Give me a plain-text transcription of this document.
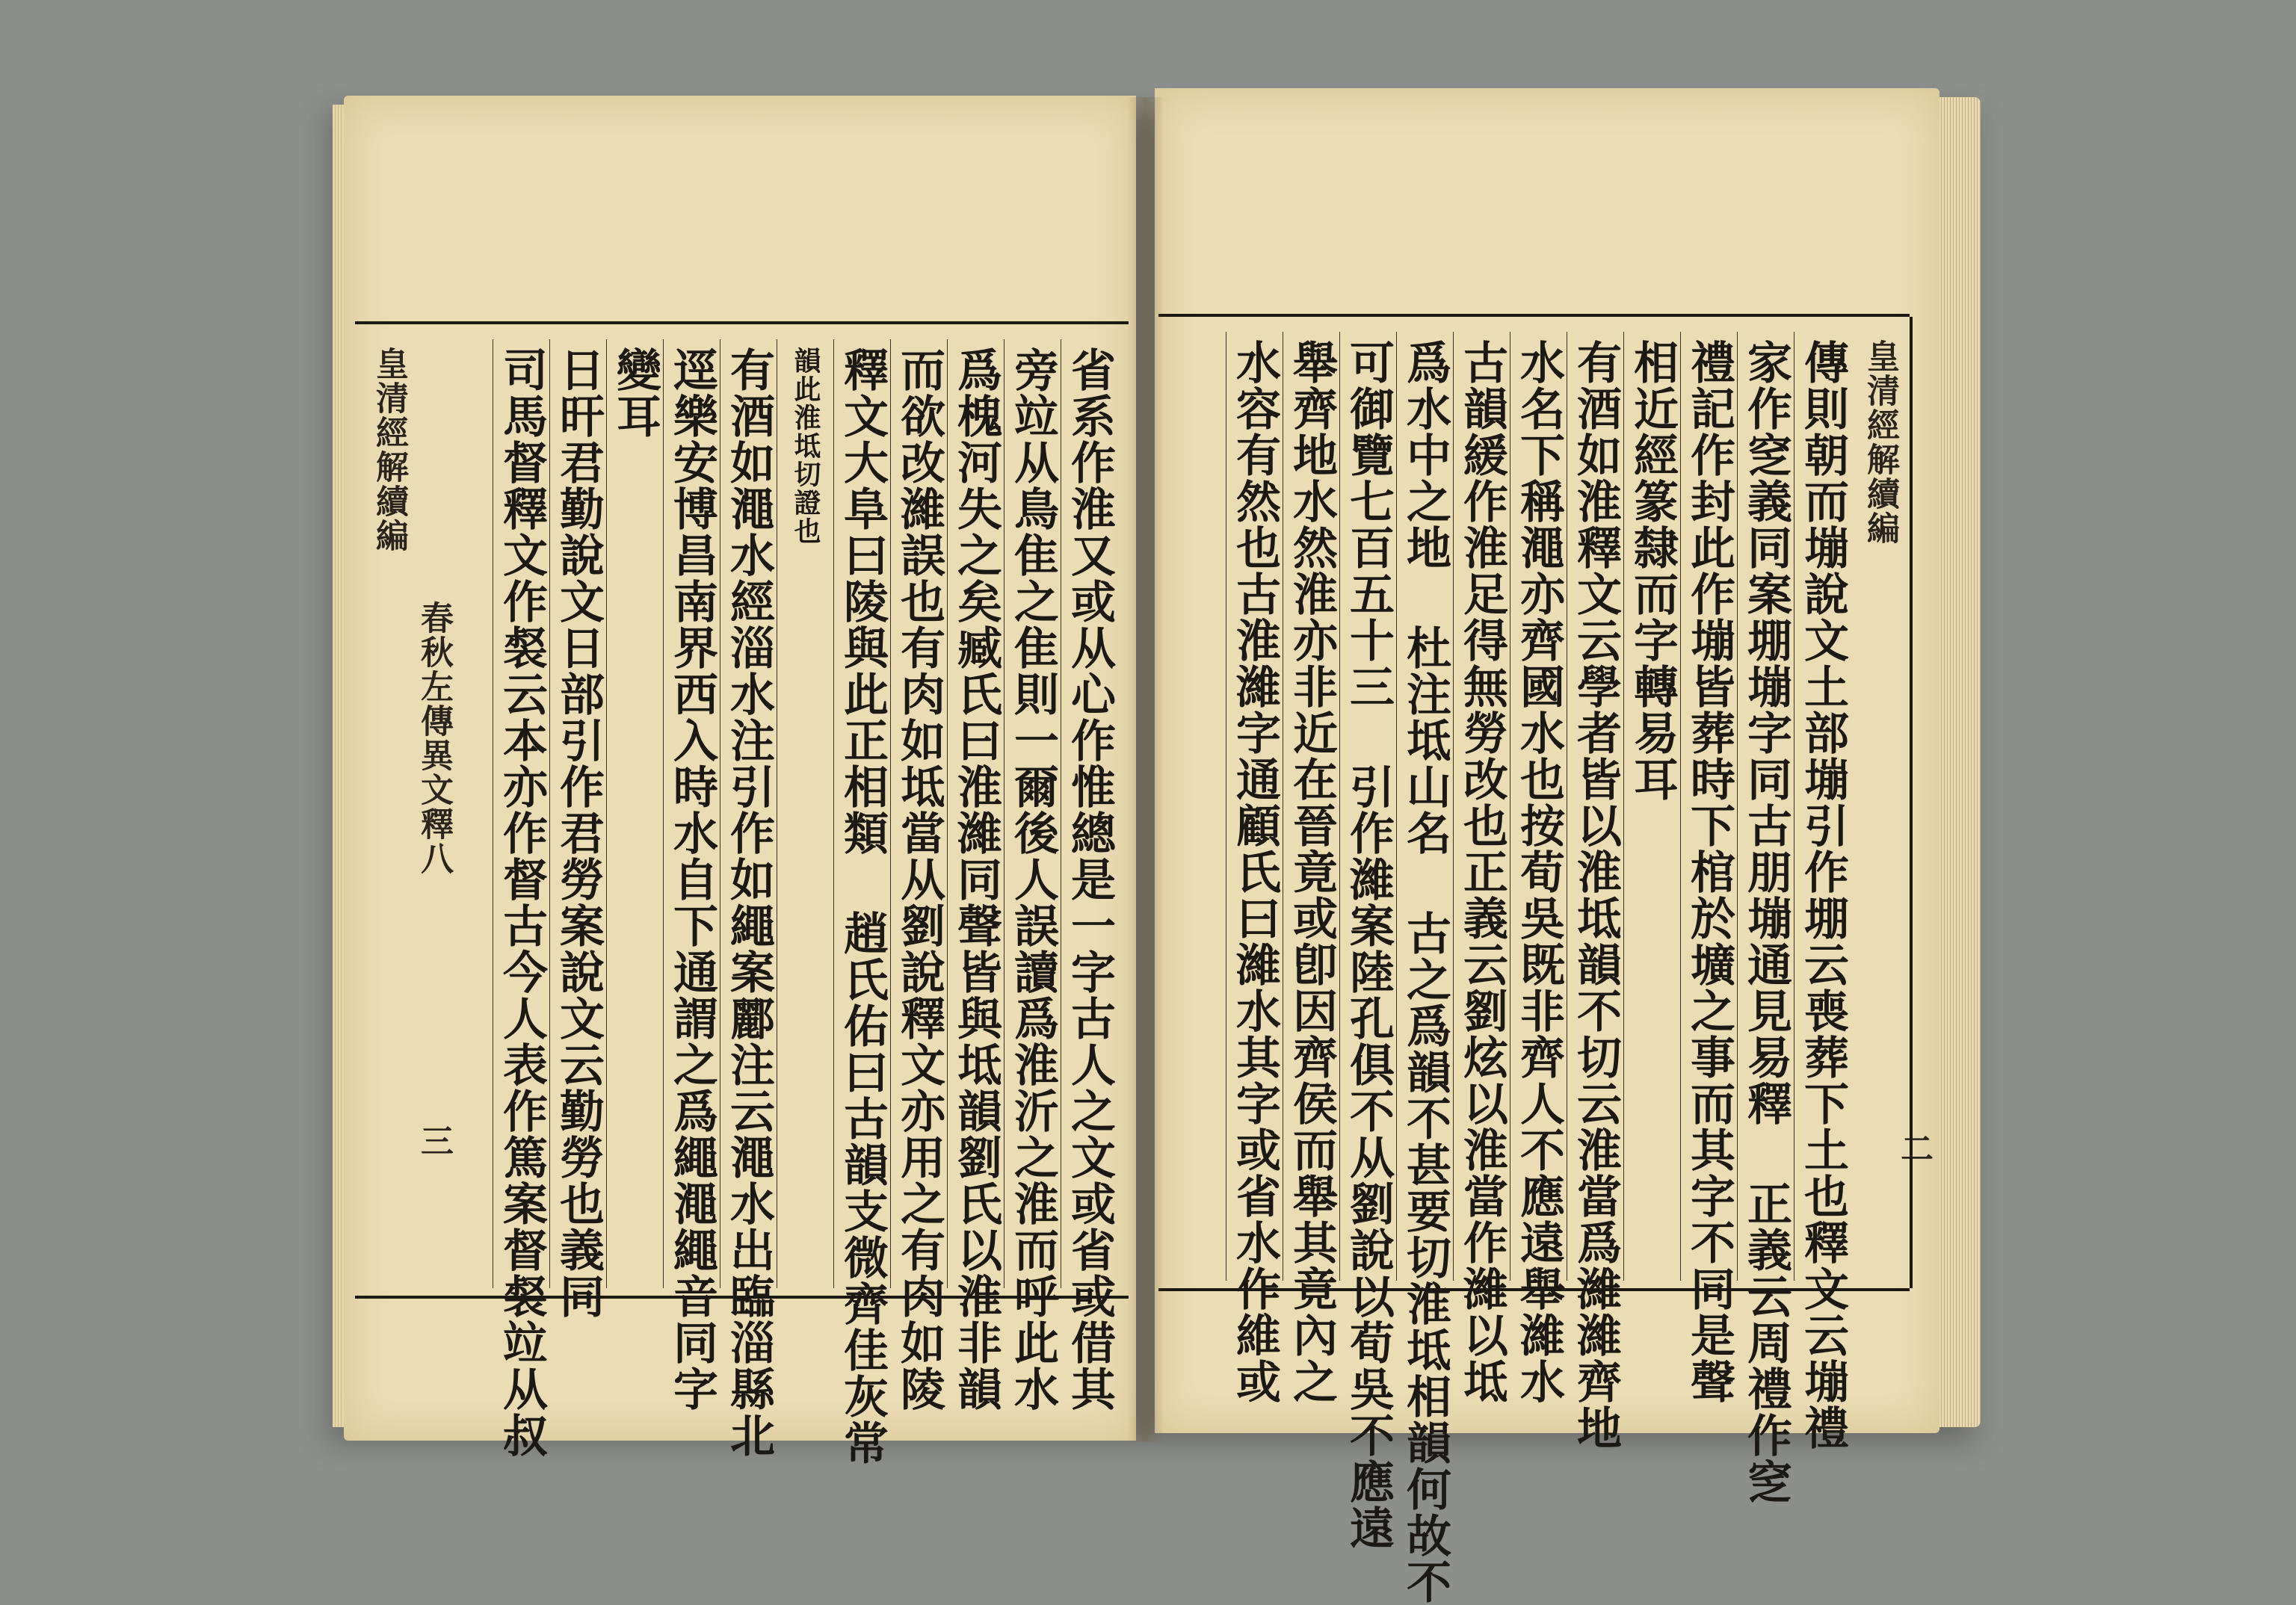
省系作淮又或从心作惟總是一字古人之文或省或借其
旁竝从鳥隹之隹則一爾後人誤讀爲淮沂之淮而呼此水
爲槐河失之矣臧氏曰淮濰同聲皆與坻韻劉氏以淮非韻
而欲改濰誤也有肉如坻當从劉說釋文亦用之有肉如陵
釋文大阜曰陵與此正相類 趙氏佑曰古韻支微齊佳灰常
韻此淮坻切證也
有酒如澠水經淄水注引作如繩案酈注云澠水出臨淄縣北
逕樂安博昌南界西入時水自下通謂之爲繩澠繩音同字
變耳
日旰君勤說文日部引作君勞案說文云勤勞也義同
司馬督釋文作裻云本亦作督古今人表作篤案督裻竝从叔
皇清經解續編
春秋左傳異文釋八
三
皇清經解續編
二
傳則朝而塴說文土部塴引作堋云喪葬下土也釋文云塴禮
家作窆義同案堋塴字同古朋塴通見易釋 正義云周禮作窆
禮記作封此作塴皆葬時下棺於壙之事而其字不同是聲
相近經篆隸而字轉易耳
有酒如淮釋文云學者皆以淮坻韻不切云淮當爲濰濰齊地
水名下稱澠亦齊國水也按荀吳既非齊人不應遠舉濰水
古韻緩作淮足得無勞改也正義云劉炫以淮當作濰以坻
爲水中之地 杜注坻山名 古之爲韻不甚要切淮坻相韻何故不
可御覽七百五十三 引作濰案陸孔俱不从劉說以荀吳不應遠
舉齊地水然淮亦非近在晉竟或卽因齊侯而舉其竟內之
水容有然也古淮濰字通顧氏曰濰水其字或省水作維或
